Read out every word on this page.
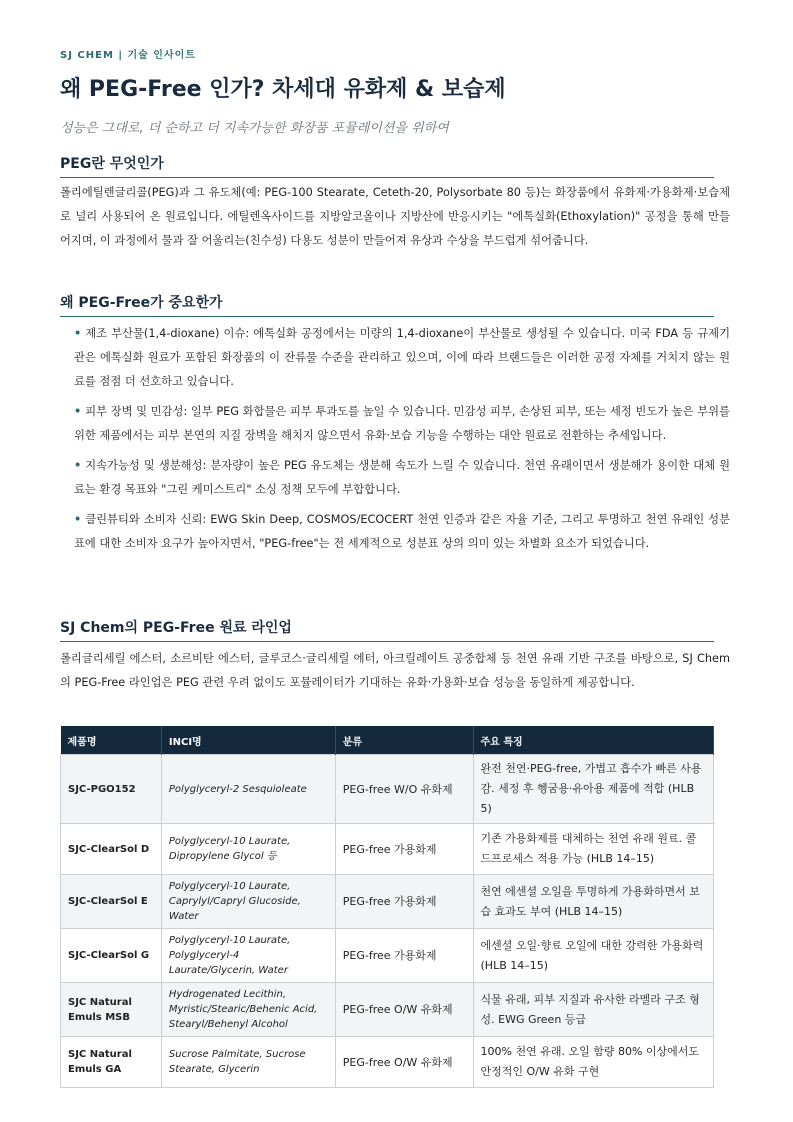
SJ CHEM | 기술 인사이트
왜 PEG-Free 인가? 차세대 유화제 & 보습제
성능은 그대로, 더 순하고 더 지속가능한 화장품 포뮬레이션을 위하여
PEG란 무엇인가

폴리에틸렌글리콜(PEG)과 그 유도체(예: PEG-100 Stearate, Ceteth-20, Polysorbate 80 등)는 화장품에서 유화제·가용화제·보습제로 널리 사용되어 온 원료입니다. 에틸렌옥사이드를 지방알코올이나 지방산에 반응시키는 "에톡실화(Ethoxylation)" 공정을 통해 만들어지며, 이 과정에서 물과 잘 어울리는(친수성) 다용도 성분이 만들어져 유상과 수상을 부드럽게 섞어줍니다.

왜 PEG-Free가 중요한가
• 제조 부산물(1,4-dioxane) 이슈: 에톡실화 공정에서는 미량의 1,4-dioxane이 부산물로 생성될 수 있습니다. 미국 FDA 등 규제기관은 에톡실화 원료가 포함된 화장품의 이 잔류물 수준을 관리하고 있으며, 이에 따라 브랜드들은 이러한 공정 자체를 거치지 않는 원료를 점점 더 선호하고 있습니다.
• 피부 장벽 및 민감성: 일부 PEG 화합물은 피부 투과도를 높일 수 있습니다. 민감성 피부, 손상된 피부, 또는 세정 빈도가 높은 부위를 위한 제품에서는 피부 본연의 지질 장벽을 해치지 않으면서 유화·보습 기능을 수행하는 대안 원료로 전환하는 추세입니다.
• 지속가능성 및 생분해성: 분자량이 높은 PEG 유도체는 생분해 속도가 느릴 수 있습니다. 천연 유래이면서 생분해가 용이한 대체 원료는 환경 목표와 "그린 케미스트리" 소싱 정책 모두에 부합합니다.
• 클린뷰티와 소비자 신뢰: EWG Skin Deep, COSMOS/ECOCERT 천연 인증과 같은 자율 기준, 그리고 투명하고 천연 유래인 성분표에 대한 소비자 요구가 높아지면서, "PEG-free"는 전 세계적으로 성분표 상의 의미 있는 차별화 요소가 되었습니다.
SJ Chem의 PEG-Free 원료 라인업

폴리글리세릴 에스터, 소르비탄 에스터, 글루코스·글리세릴 에터, 아크릴레이트 공중합체 등 천연 유래 기반 구조를 바탕으로, SJ Chem의 PEG-Free 라인업은 PEG 관련 우려 없이도 포뮬레이터가 기대하는 유화·가용화·보습 성능을 동일하게 제공합니다.

제품명	INCI명	분류	주요 특징
SJC-PGO152	Polyglyceryl-2 Sesquioleate	PEG-free W/O 유화제	완전 천연·PEG-free, 가볍고 흡수가 빠른 사용감. 세정 후 헹굼용·유아용 제품에 적합 (HLB 5)
SJC-ClearSol D	Polyglyceryl-10 Laurate, Dipropylene Glycol 등	PEG-free 가용화제	기존 가용화제를 대체하는 천연 유래 원료. 콜드프로세스 적용 가능 (HLB 14–15)
SJC-ClearSol E	Polyglyceryl-10 Laurate, Caprylyl/Capryl Glucoside, Water	PEG-free 가용화제	천연 에센셜 오일을 투명하게 가용화하면서 보습 효과도 부여 (HLB 14–15)
SJC-ClearSol G	Polyglyceryl-10 Laurate, Polyglyceryl-4 Laurate/Glycerin, Water	PEG-free 가용화제	에센셜 오일·향료 오일에 대한 강력한 가용화력 (HLB 14–15)
SJC Natural Emuls MSB	Hydrogenated Lecithin, Myristic/Stearic/Behenic Acid, Stearyl/Behenyl Alcohol	PEG-free O/W 유화제	식물 유래, 피부 지질과 유사한 라멜라 구조 형성. EWG Green 등급
SJC Natural Emuls GA	Sucrose Palmitate, Sucrose Stearate, Glycerin	PEG-free O/W 유화제	100% 천연 유래. 오일 함량 80% 이상에서도 안정적인 O/W 유화 구현
